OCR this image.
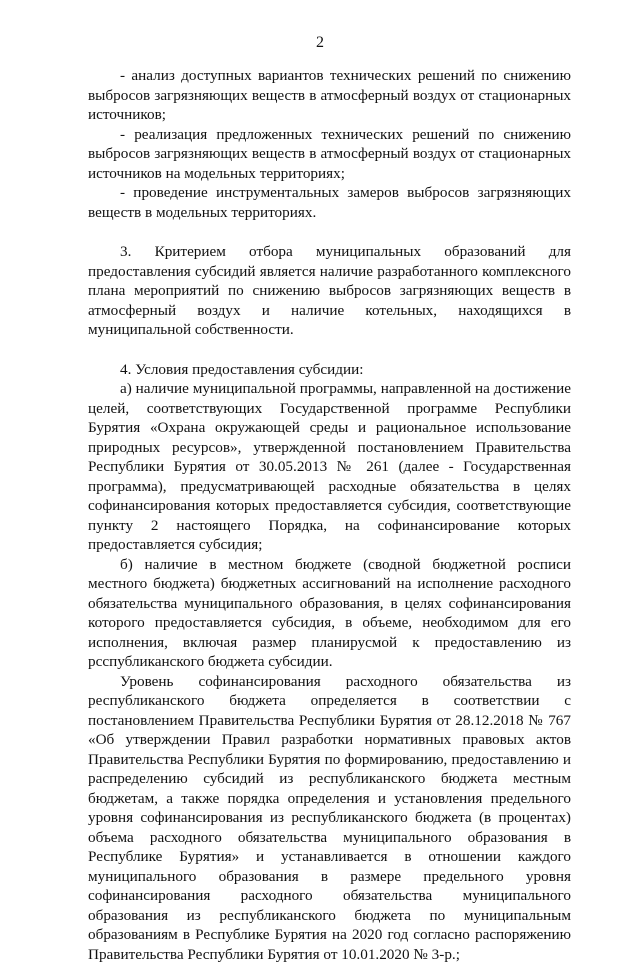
2

- анализ доступных вариантов технических решений по снижению выбросов загрязняющих веществ в атмосферный воздух от стационарных источников;

- реализация предложенных технических решений по снижению выбросов загрязняющих веществ в атмосферный воздух от стационарных источников на модельных территориях;

- проведение инструментальных замеров выбросов загрязняющих веществ в модельных территориях.

3. Критерием отбора муниципальных образований для предоставления субсидий является наличие разработанного комплексного плана мероприятий по снижению выбросов загрязняющих веществ в атмосферный воздух и наличие котельных, находящихся в муниципальной собственности.

4. Условия предоставления субсидии:

а) наличие муниципальной программы, направленной на достижение целей, соответствующих Государственной программе Республики Бурятия «Охрана окружающей среды и рациональное использование природных ресурсов», утвержденной постановлением Правительства Республики Бурятия от 30.05.2013 № 261 (далее - Государственная программа), предусматривающей расходные обязательства в целях софинансирования которых предоставляется субсидия, соответствующие пункту 2 настоящего Порядка, на софинансирование которых предоставляется субсидия;

б) наличие в местном бюджете (сводной бюджетной росписи местного бюджета) бюджетных ассигнований на исполнение расходного обязательства муниципального образования, в целях софинансирования которого предоставляется субсидия, в объеме, необходимом для его исполнения, включая размер планирусмой к предоставлению из рсспубликанского бюджета субсидии.

Уровень софинансирования расходного обязательства из республиканского бюджета определяется в соответствии с постановлением Правительства Республики Бурятия от 28.12.2018 № 767 «Об утверждении Правил разработки нормативных правовых актов Правительства Республики Бурятия по формированию, предоставлению и распределению субсидий из республиканского бюджета местным бюджетам, а также порядка определения и установления предельного уровня софинансирования из республиканского бюджета (в процентах) объема расходного обязательства муниципального образования в Республике Бурятия» и устанавливается в отношении каждого муниципального образования в размере предельного уровня софинансирования расходного обязательства муниципального образования из республиканского бюджета по муниципальным образованиям в Республике Бурятия на 2020 год согласно распоряжению Правительства Республики Бурятия от 10.01.2020 № 3-р.;
